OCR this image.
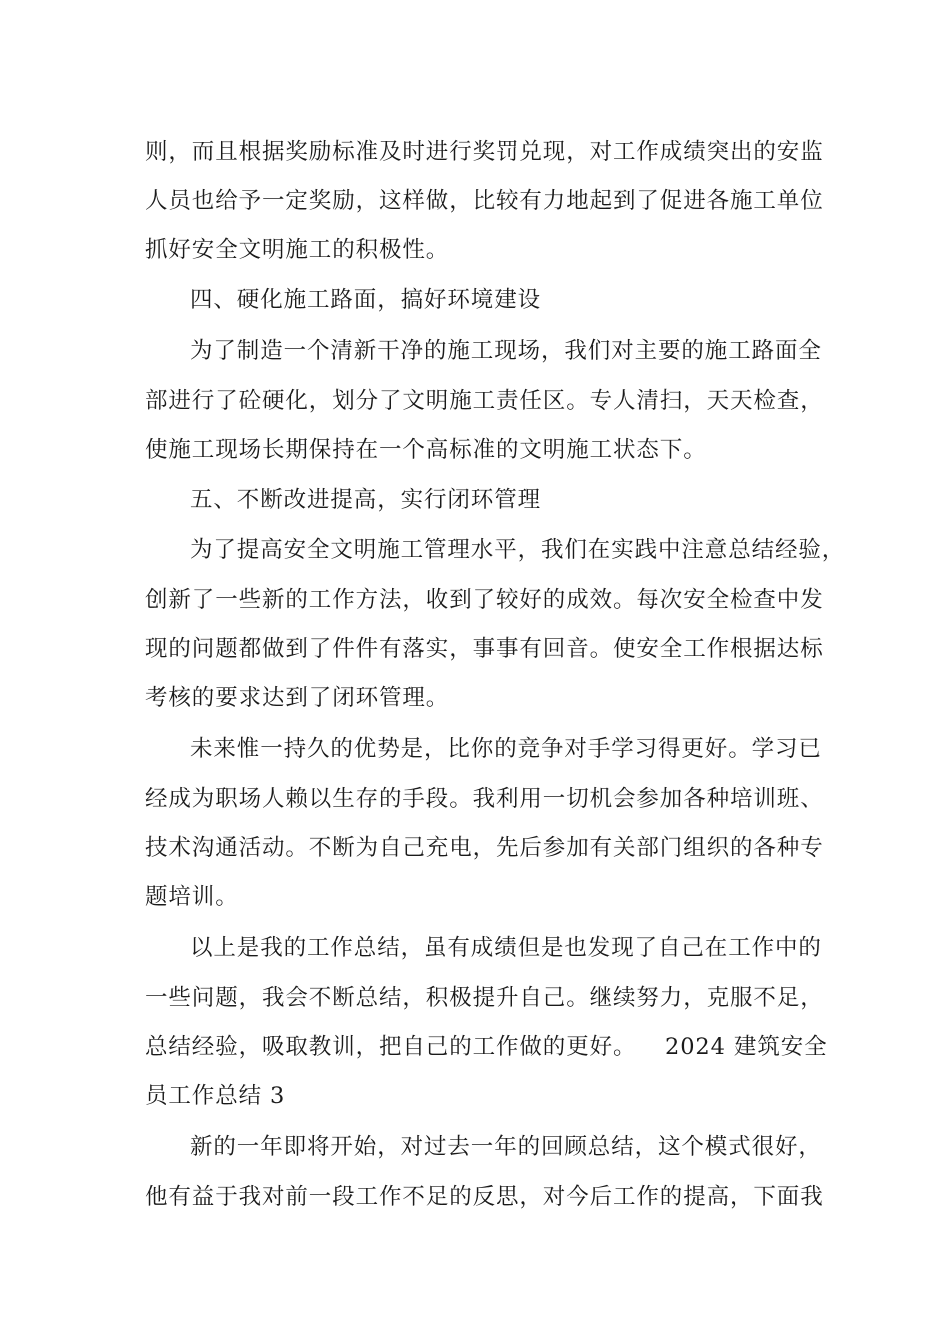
则，而且根据奖励标准及时进行奖罚兑现，对工作成绩突出的安监
人员也给予一定奖励，这样做，比较有力地起到了促进各施工单位
抓好安全文明施工的积极性。
四、硬化施工路面，搞好环境建设
为了制造一个清新干净的施工现场，我们对主要的施工路面全
部进行了砼硬化，划分了文明施工责任区。专人清扫，天天检查，
使施工现场长期保持在一个高标准的文明施工状态下。
五、不断改进提高，实行闭环管理
为了提高安全文明施工管理水平，我们在实践中注意总结经验，
创新了一些新的工作方法，收到了较好的成效。每次安全检查中发
现的问题都做到了件件有落实，事事有回音。使安全工作根据达标
考核的要求达到了闭环管理。
未来惟一持久的优势是，比你的竞争对手学习得更好。学习已
经成为职场人赖以生存的手段。我利用一切机会参加各种培训班、
技术沟通活动。不断为自己充电，先后参加有关部门组织的各种专
题培训。
以上是我的工作总结，虽有成绩但是也发现了自己在工作中的
一些问题，我会不断总结，积极提升自己。继续努力，克服不足，
总结经验，吸取教训，把自己的工作做的更好。 2024 建筑安全
员工作总结 3
新的一年即将开始，对过去一年的回顾总结，这个模式很好，
他有益于我对前一段工作不足的反思，对今后工作的提高，下面我
